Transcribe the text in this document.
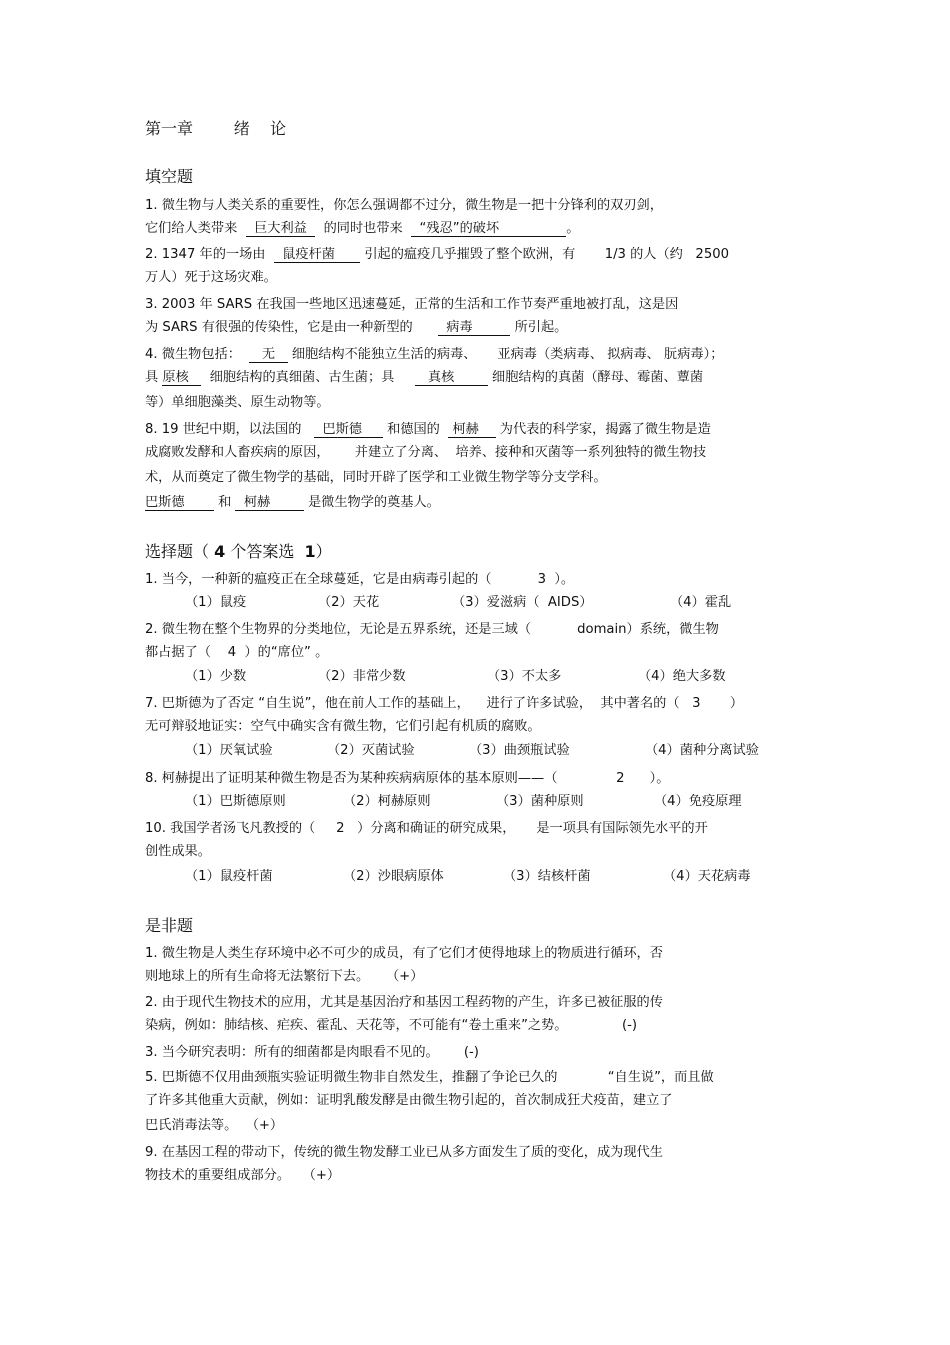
第一章        绪    论
填空题
1. 微生物与人类关系的重要性，你怎么强调都不过分，微生物是一把十分锋利的双刃剑，
它们给人类带来    巨大利益    的同时也带来    “残忍”的破坏                。
2. 1347 年的一场由    鼠疫杆菌       引起的瘟疫几乎摧毁了整个欧洲，有       1/3 的人（约   2500
万人）死于这场灾难。
3. 2003 年 SARS 在我国一些地区迅速蔓延，正常的生活和工作节奏严重地被打乱，这是因
为 SARS 有很强的传染性，它是由一种新型的        病毒          所引起。
4. 微生物包括：     无    细胞结构不能独立生活的病毒、     亚病毒（类病毒、 拟病毒、 朊病毒）；
具 原核     细胞结构的真细菌、古生菌；具        真核         细胞结构的真菌（酵母、霉菌、蕈菌
等）单细胞藻类、原生动物等。
8. 19 世纪中期，以法国的     巴斯德      和德国的   柯赫     为代表的科学家，揭露了微生物是造
成腐败发酵和人畜疾病的原因，      并建立了分离、  培养、接种和灭菌等一系列独特的微生物技
术，从而奠定了微生物学的基础，同时开辟了医学和工业微生物学等分支学科。
巴斯德        和   柯赫         是微生物学的奠基人。
选择题（ 4 个答案选  1）
1. 当今，一种新的瘟疫正在全球蔓延，它是由病毒引起的（           3  ）。
（1）鼠疫	（2）天花	（3）爱滋病（  AIDS）	（4）霍乱
2. 微生物在整个生物界的分类地位，无论是五界系统，还是三域（           domain）系统，微生物
都占据了（    4  ）的“席位” 。
（1）少数	（2）非常少数	（3）不太多	（4）绝大多数
7. 巴斯德为了否定 “自生说”，他在前人工作的基础上，    进行了许多试验，  其中著名的（   3       ）
无可辩驳地证实：空气中确实含有微生物，它们引起有机质的腐败。
（1）厌氧试验	（2）灭菌试验	（3）曲颈瓶试验	（4）菌种分离试验
8. 柯赫提出了证明某种微生物是否为某种疾病病原体的基本原则——（              2      ）。
（1）巴斯德原则	（2）柯赫原则	（3）菌种原则	（4）免疫原理
10. 我国学者汤飞凡教授的（     2   ）分离和确证的研究成果，     是一项具有国际领先水平的开
创性成果。
（1）鼠疫杆菌	（2）沙眼病原体	（3）结核杆菌	（4）天花病毒
是非题
1. 微生物是人类生存环境中必不可少的成员，有了它们才使得地球上的物质进行循环，否
则地球上的所有生命将无法繁衍下去。    （+）
2. 由于现代生物技术的应用，尤其是基因治疗和基因工程药物的产生，许多已被征服的传
染病，例如：肺结核、疟疾、霍乱、天花等，不可能有“卷土重来”之势。             (-)
3. 当今研究表明：所有的细菌都是肉眼看不见的。      (-)
5. 巴斯德不仅用曲颈瓶实验证明微生物非自然发生，推翻了争论已久的            “自生说”，而且做
了许多其他重大贡献，例如：证明乳酸发酵是由微生物引起的，首次制成狂犬疫苗，建立了
巴氏消毒法等。  （+）
9. 在基因工程的带动下，传统的微生物发酵工业已从多方面发生了质的变化，成为现代生
物技术的重要组成部分。   （+）
